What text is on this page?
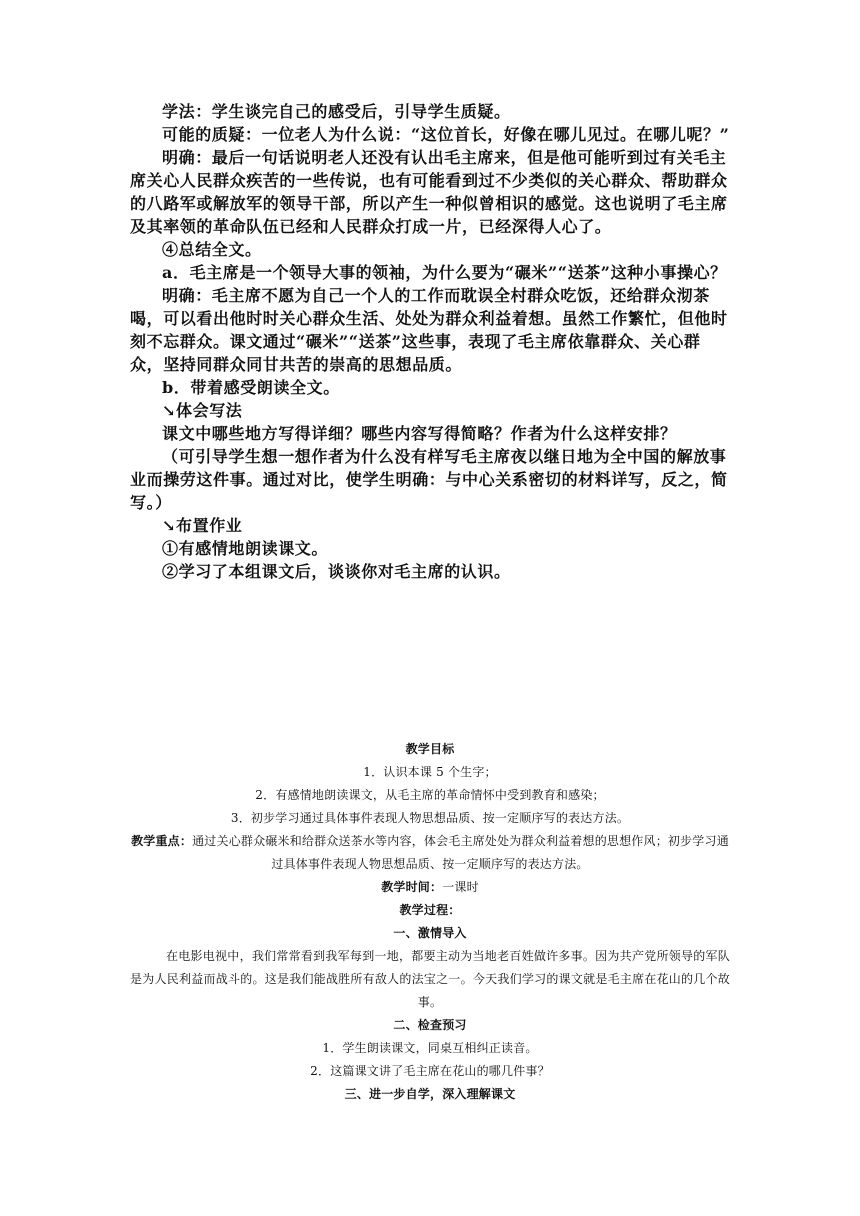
学法：学生谈完自己的感受后，引导学生质疑。

可能的质疑：一位老人为什么说：“这位首长，好像在哪儿见过。在哪儿呢？”

明确：最后一句话说明老人还没有认出毛主席来，但是他可能听到过有关毛主席关心人民群众疾苦的一些传说，也有可能看到过不少类似的关心群众、帮助群众的八路军或解放军的领导干部，所以产生一种似曾相识的感觉。这也说明了毛主席及其率领的革命队伍已经和人民群众打成一片，已经深得人心了。

④总结全文。

a．毛主席是一个领导大事的领袖，为什么要为“碾米”“送茶”这种小事操心？

明确：毛主席不愿为自己一个人的工作而耽误全村群众吃饭，还给群众沏茶喝，可以看出他时时关心群众生活、处处为群众利益着想。虽然工作繁忙，但他时刻不忘群众。课文通过“碾米”“送茶”这些事，表现了毛主席依靠群众、关心群众，坚持同群众同甘共苦的崇高的思想品质。

b．带着感受朗读全文。

↘体会写法

课文中哪些地方写得详细？哪些内容写得简略？作者为什么这样安排？

（可引导学生想一想作者为什么没有样写毛主席夜以继日地为全中国的解放事业而操劳这件事。通过对比，使学生明确：与中心关系密切的材料详写，反之，简写。）

↘布置作业

①有感情地朗读课文。

②学习了本组课文后，谈谈你对毛主席的认识。

教学目标

1．认识本课 5 个生字；

2．有感情地朗读课文，从毛主席的革命情怀中受到教育和感染；

3．初步学习通过具体事件表现人物思想品质、按一定顺序写的表达方法。

教学重点：通过关心群众碾米和给群众送茶水等内容，体会毛主席处处为群众利益着想的思想作风；初步学习通过具体事件表现人物思想品质、按一定顺序写的表达方法。

教学时间：一课时

教学过程：

一、激情导入

在电影电视中，我们常常看到我军每到一地，都要主动为当地老百姓做许多事。因为共产党所领导的军队是为人民利益而战斗的。这是我们能战胜所有敌人的法宝之一。今天我们学习的课文就是毛主席在花山的几个故事。

二、检查预习

1．学生朗读课文，同桌互相纠正读音。

2．这篇课文讲了毛主席在花山的哪几件事？

三、进一步自学，深入理解课文
